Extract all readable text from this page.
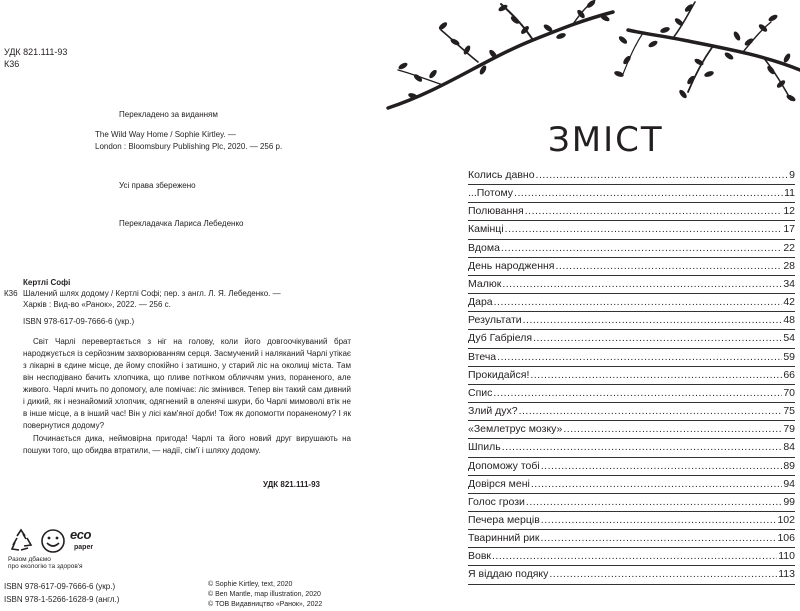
УДК 821.111-93
К36
Перекладено за виданням
The Wild Way Home / Sophie Kirtley. —
London : Bloomsbury Publishing Plc, 2020. — 256 p.
Усі права збережено
Перекладачка Лариса Лебеденко
Кертлі Софі
К36 Шалений шлях додому / Кертлі Софі; пер. з англ. Л. Я. Лебеденко. —
Харків : Вид-во «Ранок», 2022. — 256 с.
ISBN 978-617-09-7666-6 (укр.)

Світ Чарлі перевертається з ніг на голову, коли його довгоочікуваний брат народжується із серйозним захворюванням серця. Засмучений і наляканий Чарлі утікає з лікарні в єдине місце, де йому спокійно і затишно, у старий ліс на околиці міста. Там він несподівано бачить хлопчика, що пливе потічком обличчям униз, пораненого, але живого. Чарлі мчить по допомогу, але помічає: ліс змінився. Тепер він такий сам дивний і дикий, як і незнайомий хлопчик, одягнений в оленячі шкури, бо Чарлі мимоволі втік не в інше місце, а в інший час! Він у лісі кам'яної доби! Тож як допомогти пораненому? І як повернутися додому?

Починається дика, неймовірна пригода! Чарлі та його новий друг вирушають на пошуки того, що обидва втратили, — надії, сім'ї і шляху додому.

УДК 821.111-93
eco
paper
Разом дбаємо
про екологію та здоров'я
ISBN 978-617-09-7666-6 (укр.)
ISBN 978-1-5266-1628-9 (англ.)
© Sophie Kirtley, text, 2020
© Ben Mantle, map illustration, 2020
© ТОВ Видавництво «Ранок», 2022
ЗМІСТ
Колись давно .....	9
...Потому .....	11
Полювання .....	12
Камінці .....	17
Вдома .....	22
День народження .....	28
Малюк .....	34
Дара .....	42
Результати .....	48
Дуб Габріеля .....	54
Втеча .....	59
Прокидайся! .....	66
Спис .....	70
Злий дух? .....	75
«Землетрус мозку» .....	79
Шпиль .....	84
Допоможу тобі .....	89
Довірся мені .....	94
Голос грози .....	99
Печера мерців .....	102
Тваринний рик .....	106
Вовк .....	110
Я віддаю подяку .....	113
